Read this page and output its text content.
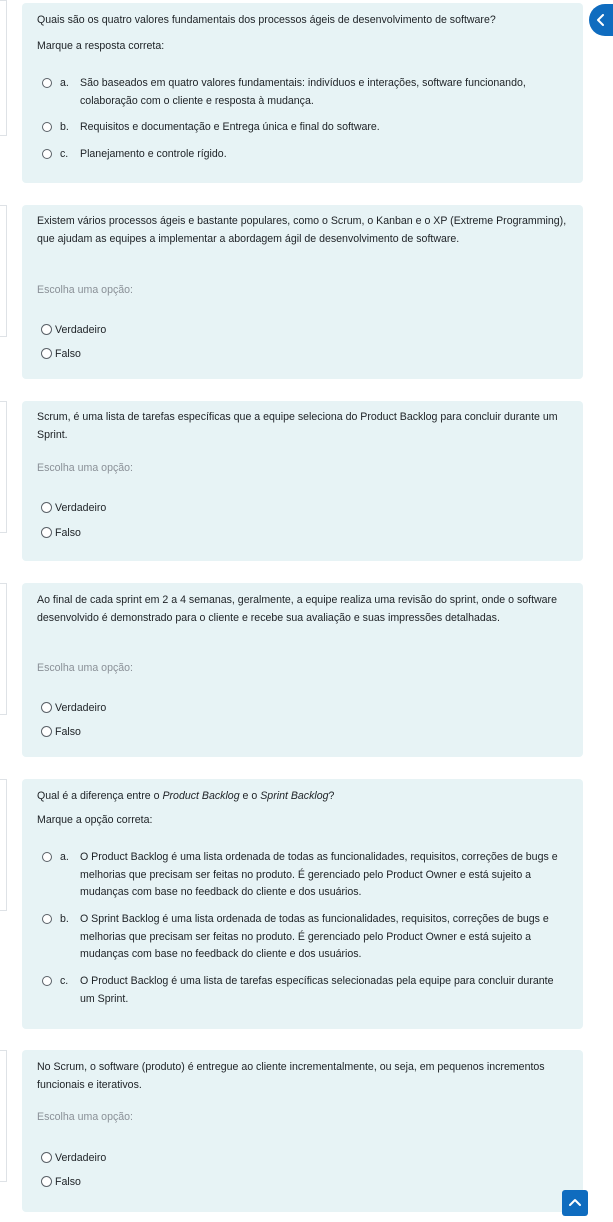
Quais são os quatro valores fundamentais dos processos ágeis de desenvolvimento de software?
Marque a resposta correta:
a. São baseados em quatro valores fundamentais: indivíduos e interações, software funcionando, colaboração com o cliente e resposta à mudança.
b. Requisitos e documentação e Entrega única e final do software.
c. Planejamento e controle rígido.
Existem vários processos ágeis e bastante populares, como o Scrum, o Kanban e o XP (Extreme Programming), que ajudam as equipes a implementar a abordagem ágil de desenvolvimento de software.
Escolha uma opção:
Verdadeiro
Falso
Scrum, é uma lista de tarefas específicas que a equipe seleciona do Product Backlog para concluir durante um Sprint.
Escolha uma opção:
Verdadeiro
Falso
Ao final de cada sprint em 2 a 4 semanas, geralmente, a equipe realiza uma revisão do sprint, onde o software desenvolvido é demonstrado para o cliente e recebe sua avaliação e suas impressões detalhadas.
Escolha uma opção:
Verdadeiro
Falso
Qual é a diferença entre o Product Backlog e o Sprint Backlog?
Marque a opção correta:
a. O Product Backlog é uma lista ordenada de todas as funcionalidades, requisitos, correções de bugs e melhorias que precisam ser feitas no produto. É gerenciado pelo Product Owner e está sujeito a mudanças com base no feedback do cliente e dos usuários.
b. O Sprint Backlog é uma lista ordenada de todas as funcionalidades, requisitos, correções de bugs e melhorias que precisam ser feitas no produto. É gerenciado pelo Product Owner e está sujeito a mudanças com base no feedback do cliente e dos usuários.
c. O Product Backlog é uma lista de tarefas específicas selecionadas pela equipe para concluir durante um Sprint.
No Scrum, o software (produto) é entregue ao cliente incrementalmente, ou seja, em pequenos incrementos funcionais e iterativos.
Escolha uma opção:
Verdadeiro
Falso
